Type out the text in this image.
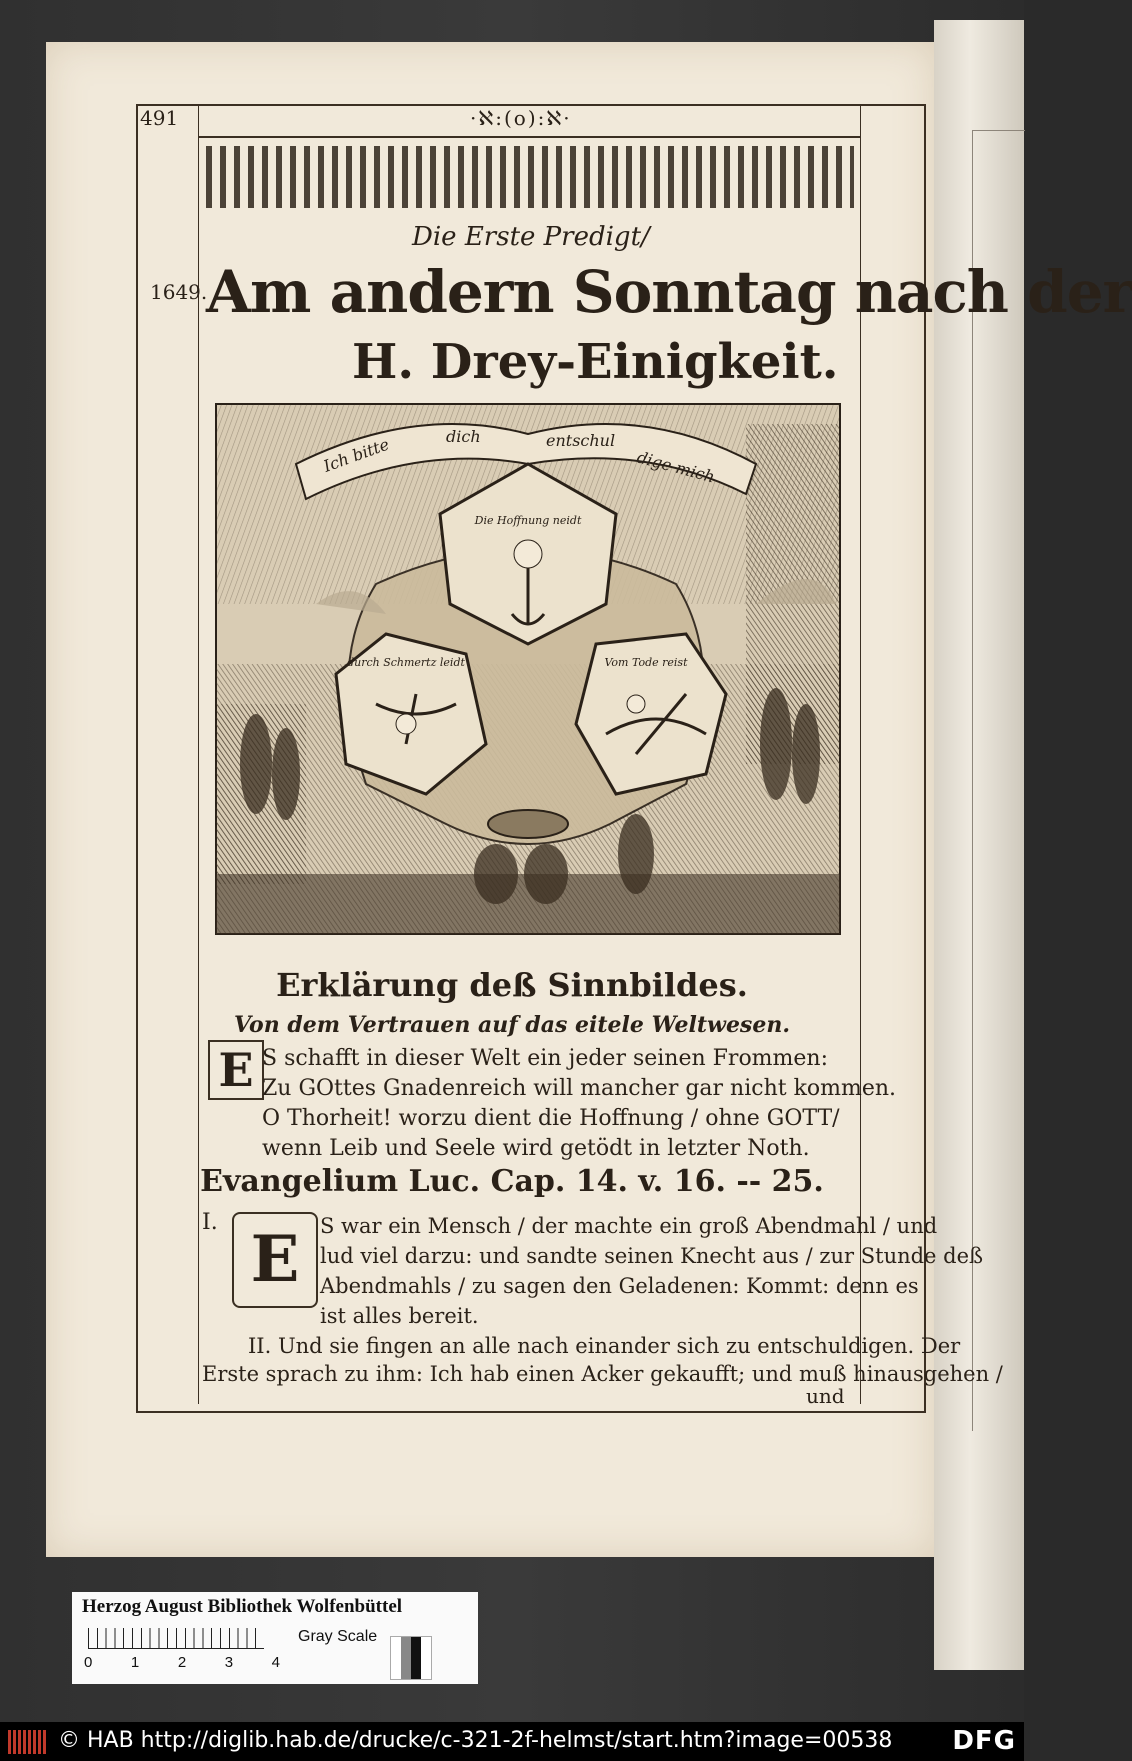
491	·ℵ:(o):ℵ·
Die Erste Predigt/
1649.
Am andern Sonntag nach der
H. Drey-Einigkeit.
Ich bitte	dich	entschul
dige mich
Die Hoffnung neidt
durch Schmertz leidt	Vom Tode reist
Erklärung deß Sinnbildes.
Von dem Vertrauen auf das eitele Weltwesen.
E S schafft in dieser Welt ein jeder seinen Frommen:
Zu GOttes Gnadenreich will mancher gar nicht kommen.
O Thorheit! worzu dient die Hoffnung / ohne GOTT/
wenn Leib und Seele wird getödt in letzter Noth.
Evangelium Luc. Cap. 14. v. 16. -- 25.
I. E S war ein Mensch / der machte ein groß Abendmahl / und
lud viel darzu: und sandte seinen Knecht aus / zur Stunde deß
Abendmahls / zu sagen den Geladenen: Kommt: denn es
ist alles bereit.
II. Und sie fingen an alle nach einander sich zu entschuldigen. Der
Erste sprach zu ihm: Ich hab einen Acker gekaufft; und muß hinausgehen /
und
Herzog August Bibliothek Wolfenbüttel
0	1	2	3	4
Gray Scale
© HAB http://diglib.hab.de/drucke/c-321-2f-helmst/start.htm?image=00538 DFG
